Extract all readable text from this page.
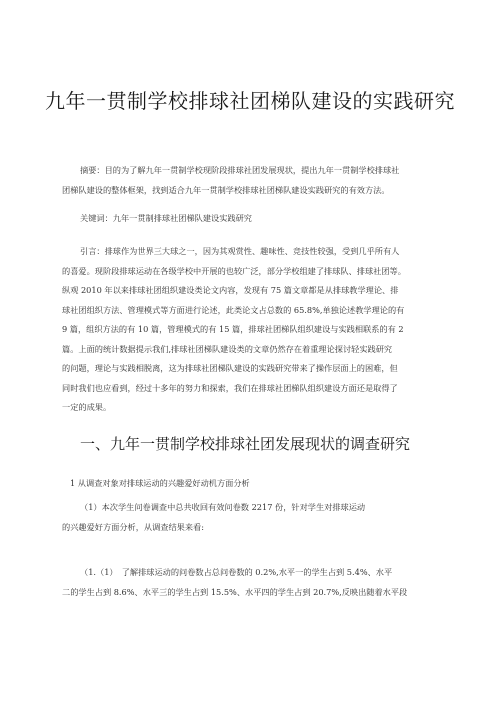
九年一贯制学校排球社团梯队建设的实践研究
摘要：目的为了解九年一贯制学校现阶段排球社团发展现状，提出九年一贯制学校排球社
团梯队建设的整体框架，找到适合九年一贯制学校排球社团梯队建设实践研究的有效方法。
关键词：九年一贯制排球社团梯队建设实践研究
引言：排球作为世界三大球之一，因为其观赏性、趣味性、竞技性较强，受到几乎所有人
的喜爱。现阶段排球运动在各级学校中开展的也较广泛，部分学校组建了排球队、排球社团等。
纵观 2010 年以来排球社团组织建设类论文内容，发现有 75 篇文章都是从排球教学理论、排
球社团组织方法、管理模式等方面进行论述，此类论文占总数的 65.8%,单独论述教学理论的有
9 篇，组织方法的有 10 篇，管理模式的有 15 篇，排球社团梯队组织建设与实践相联系的有 2
篇。上面的统计数据提示我们,排球社团梯队建设类的文章仍然存在着重理论探讨轻实践研究
的问题，理论与实践相脱离，这为排球社团梯队建设的实践研究带来了操作层面上的困难，但
同时我们也应看到，经过十多年的努力和探索，我们在排球社团梯队组织建设方面还是取得了
一定的成果。
一、九年一贯制学校排球社团发展现状的调查研究
1 从调查对象对排球运动的兴趣爱好动机方面分析
（1）本次学生问卷调查中总共收回有效问卷数 2217 份，针对学生对排球运动
的兴趣爱好方面分析，从调查结果来看:
（1.（1）　了解排球运动的问卷数占总问卷数的 0.2%,水平一的学生占到 5.4%、水平
二的学生占到 8.6%、水平三的学生占到 15.5%、水平四的学生占到 20.7%,反映出随着水平段
